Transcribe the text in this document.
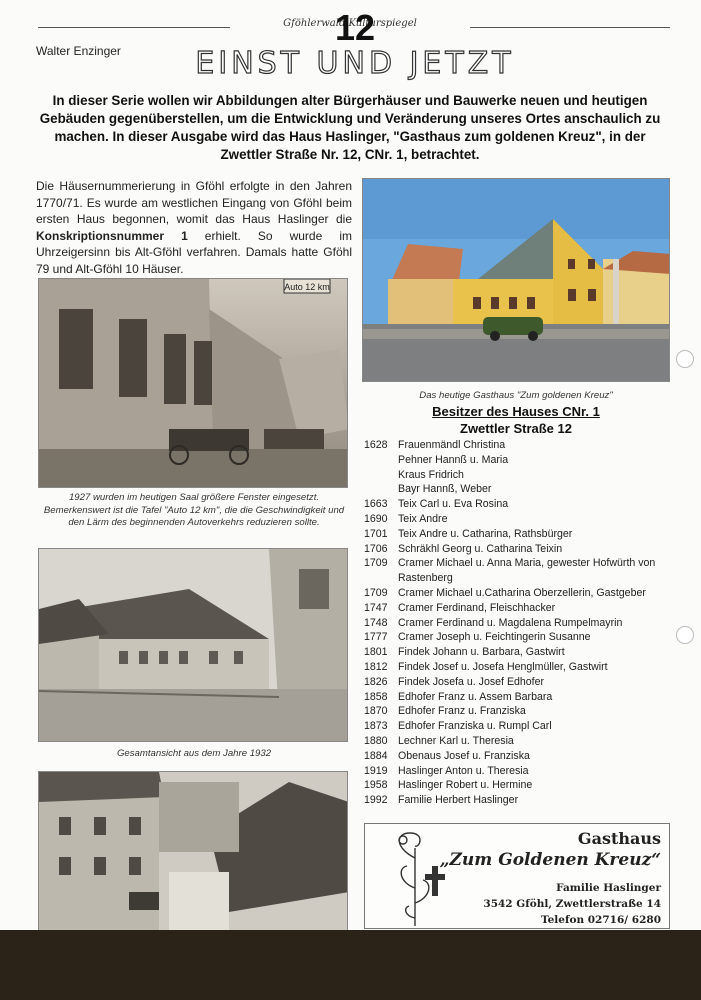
Gföhlerwald Kulturspiegel
12
Walter Enzinger	EINST UND JETZT
In dieser Serie wollen wir Abbildungen alter Bürgerhäuser und Bauwerke neuen und heutigen Gebäuden gegenüberstellen, um die Entwicklung und Veränderung unseres Ortes anschaulich zu machen. In dieser Ausgabe wird das Haus Haslinger, "Gasthaus zum goldenen Kreuz", in der Zwettler Straße Nr. 12, CNr. 1, betrachtet.
Die Häusernummerierung in Gföhl erfolgte in den Jahren 1770/71. Es wurde am westlichen Eingang von Gföhl beim ersten Haus begonnen, womit das Haus Haslinger die Konskriptionsnummer 1 erhielt. So wurde im Uhrzeigersinn bis Alt-Gföhl verfahren. Damals hatte Gföhl 79 und Alt-Gföhl 10 Häuser.
Auto 12 km
1927 wurden im heutigen Saal größere Fenster eingesetzt. Bemerkenswert ist die Tafel "Auto 12 km", die die Geschwindigkeit und den Lärm des beginnenden Autoverkehrs reduzieren sollte.
Gesamtansicht aus dem Jahre 1932
Das heutige Gasthaus "Zum goldenen Kreuz"
Besitzer des Hauses CNr. 1
Zwettler Straße 12
1628 Frauenmändl Christina
Pehner Hannß u. Maria
Kraus Fridrich
Bayr Hannß, Weber
1663 Teix Carl u. Eva Rosina
1690 Teix Andre
1701 Teix Andre u. Catharina, Rathsbürger
1706 Schräkhl Georg u. Catharina Teixin
1709 Cramer Michael u. Anna Maria, gewester Hofwürth von Rastenberg
1709 Cramer Michael u.Catharina Oberzellerin, Gastgeber
1747 Cramer Ferdinand, Fleischhacker
1748 Cramer Ferdinand u. Magdalena Rumpelmayrin
1777 Cramer Joseph u. Feichtingerin Susanne
1801 Findek Johann u. Barbara, Gastwirt
1812 Findek Josef u. Josefa Henglmüller, Gastwirt
1826 Findek Josefa u. Josef Edhofer
1858 Edhofer Franz u. Assem Barbara
1870 Edhofer Franz u. Franziska
1873 Edhofer Franziska u. Rumpl Carl
1880 Lechner Karl u. Theresia
1884 Obenaus Josef u. Franziska
1919 Haslinger Anton u. Theresia
1958 Haslinger Robert u. Hermine
1992 Familie Herbert Haslinger
Gasthaus
„Zum Goldenen Kreuz“
Familie Haslinger
3542 Gföhl, Zwettlerstraße 14
Telefon 02716/ 6280
